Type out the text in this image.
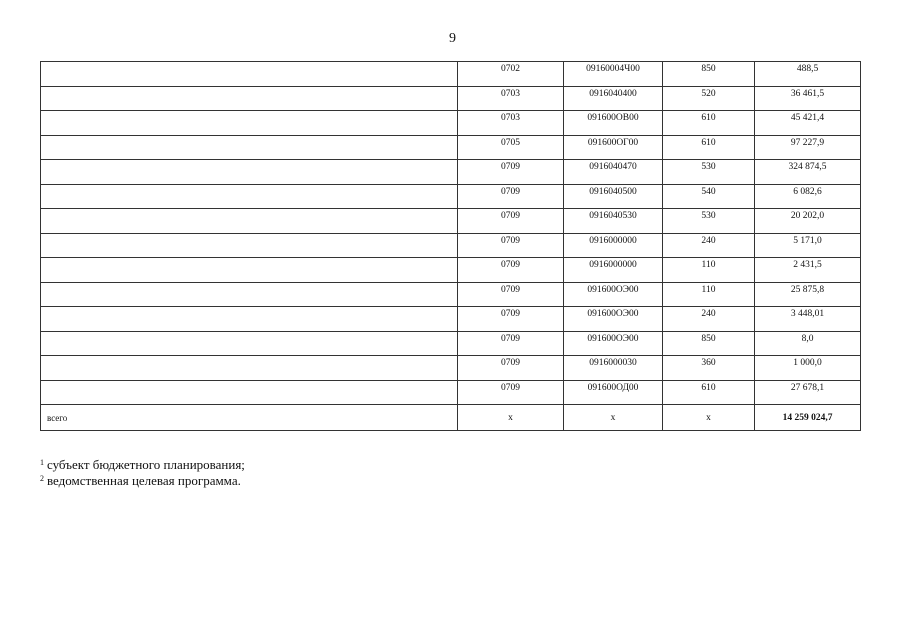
9
	0702	09160004Ч00	850	488,5
	0703	0916040400	520	36 461,5
	0703	091600ОВ00	610	45 421,4
	0705	091600ОГ00	610	97 227,9
	0709	0916040470	530	324 874,5
	0709	0916040500	540	6 082,6
	0709	0916040530	530	20 202,0
	0709	0916000000	240	5 171,0
	0709	0916000000	110	2 431,5
	0709	091600ОЭ00	110	25 875,8
	0709	091600ОЭ00	240	3 448,01
	0709	091600ОЭ00	850	8,0
	0709	0916000030	360	1 000,0
	0709	091600ОД00	610	27 678,1
всего	х	х	х	14 259 024,7
$^1$ субъект бюджетного планирования;
$^2$ ведомственная целевая программа.
